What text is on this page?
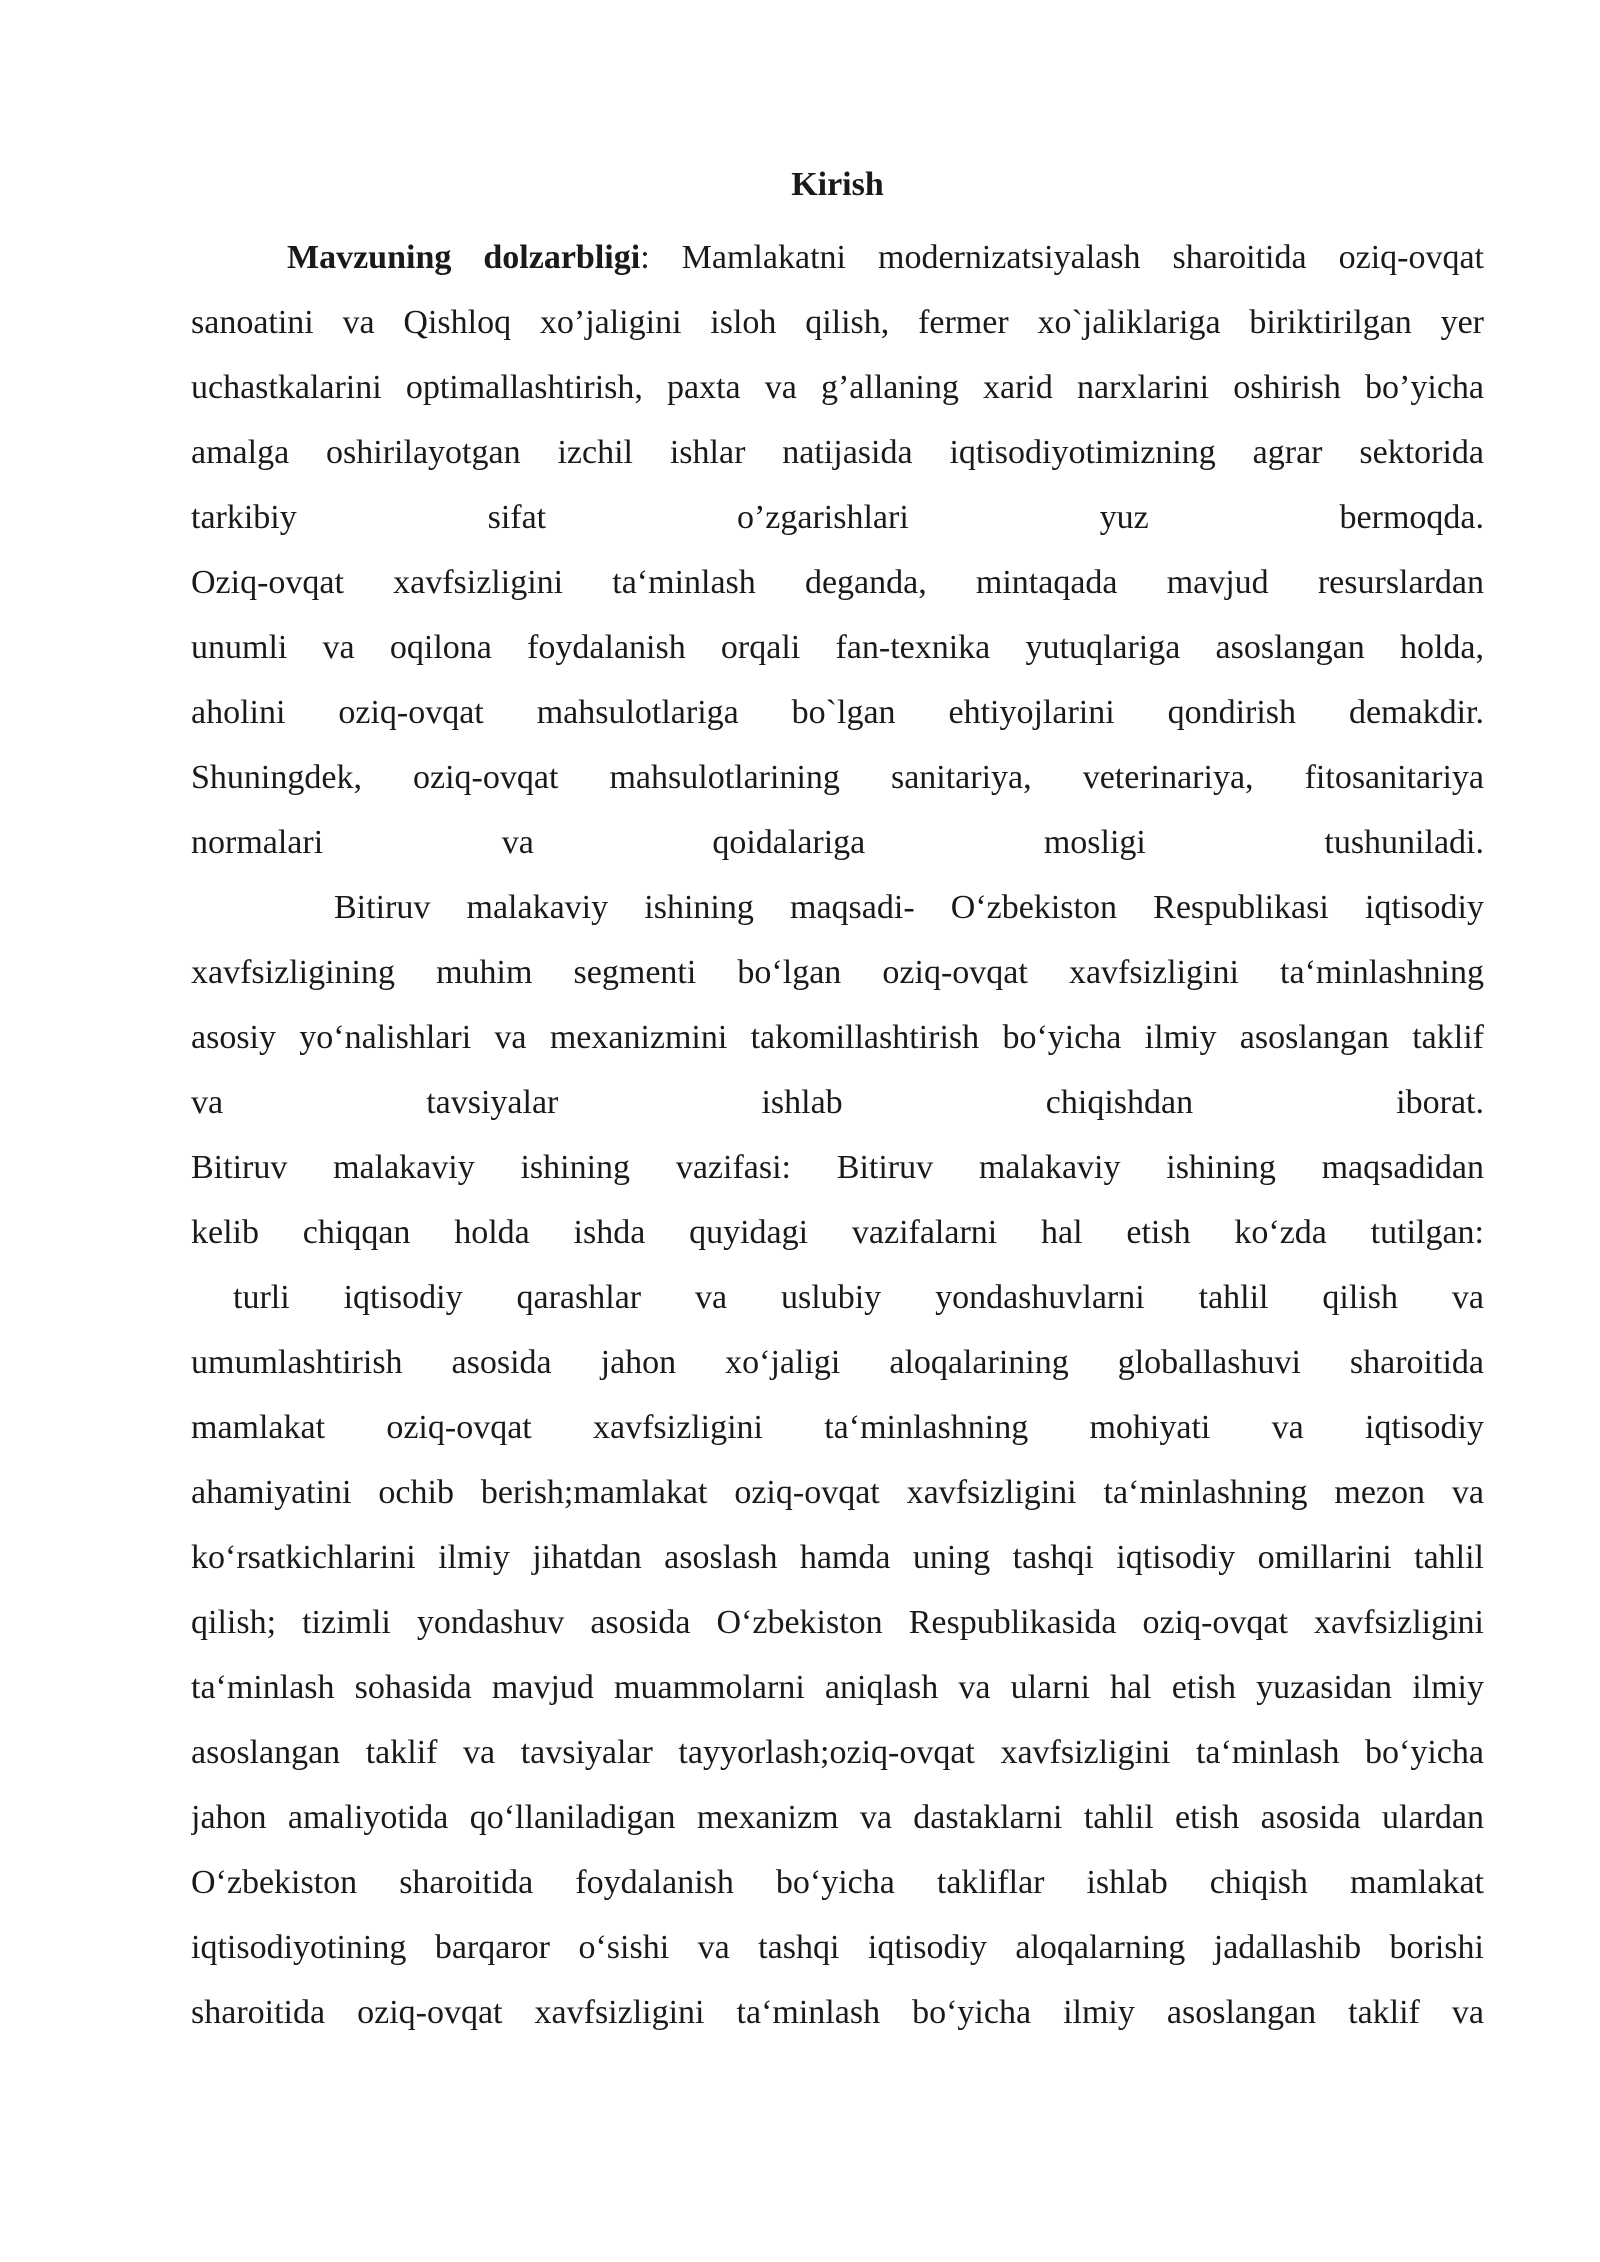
Kirish
Mavzuning dolzarbligi: Mamlakatni modernizatsiyalash sharoitida oziq-ovqat
sanoatini va Qishloq xo’jaligini isloh qilish, fermer xo`jaliklariga biriktirilgan yer
uchastkalarini optimallashtirish, paxta va g’allaning xarid narxlarini oshirish bo’yicha
amalga oshirilayotgan izchil ishlar natijasida iqtisodiyotimizning agrar sektorida
tarkibiy sifat o’zgarishlari yuz bermoqda.
Oziq-ovqat xavfsizligini ta‘minlash deganda, mintaqada mavjud resurslardan
unumli va oqilona foydalanish orqali fan-texnika yutuqlariga asoslangan holda,
aholini oziq-ovqat mahsulotlariga bo`lgan ehtiyojlarini qondirish demakdir.
Shuningdek, oziq-ovqat mahsulotlarining sanitariya, veterinariya, fitosanitariya
normalari va qoidalariga mosligi tushuniladi.
Bitiruv malakaviy ishining maqsadi- O‘zbekiston Respublikasi iqtisodiy
xavfsizligining muhim segmenti bo‘lgan oziq-ovqat xavfsizligini ta‘minlashning
asosiy yo‘nalishlari va mexanizmini takomillashtirish bo‘yicha ilmiy asoslangan taklif
va tavsiyalar ishlab chiqishdan iborat.
Bitiruv malakaviy ishining vazifasi: Bitiruv malakaviy ishining maqsadidan
kelib chiqqan holda ishda quyidagi vazifalarni hal etish ko‘zda tutilgan:
turli iqtisodiy qarashlar va uslubiy yondashuvlarni tahlil qilish va
umumlashtirish asosida jahon xo‘jaligi aloqalarining globallashuvi sharoitida
mamlakat oziq-ovqat xavfsizligini ta‘minlashning mohiyati va iqtisodiy
ahamiyatini ochib berish;mamlakat oziq-ovqat xavfsizligini ta‘minlashning mezon va
ko‘rsatkichlarini ilmiy jihatdan asoslash hamda uning tashqi iqtisodiy omillarini tahlil
qilish; tizimli yondashuv asosida O‘zbekiston Respublikasida oziq-ovqat xavfsizligini
ta‘minlash sohasida mavjud muammolarni aniqlash va ularni hal etish yuzasidan ilmiy
asoslangan taklif va tavsiyalar tayyorlash;oziq-ovqat xavfsizligini ta‘minlash bo‘yicha
jahon amaliyotida qo‘llaniladigan mexanizm va dastaklarni tahlil etish asosida ulardan
O‘zbekiston sharoitida foydalanish bo‘yicha takliflar ishlab chiqish mamlakat
iqtisodiyotining barqaror o‘sishi va tashqi iqtisodiy aloqalarning jadallashib borishi
sharoitida oziq-ovqat xavfsizligini ta‘minlash bo‘yicha ilmiy asoslangan taklif va
